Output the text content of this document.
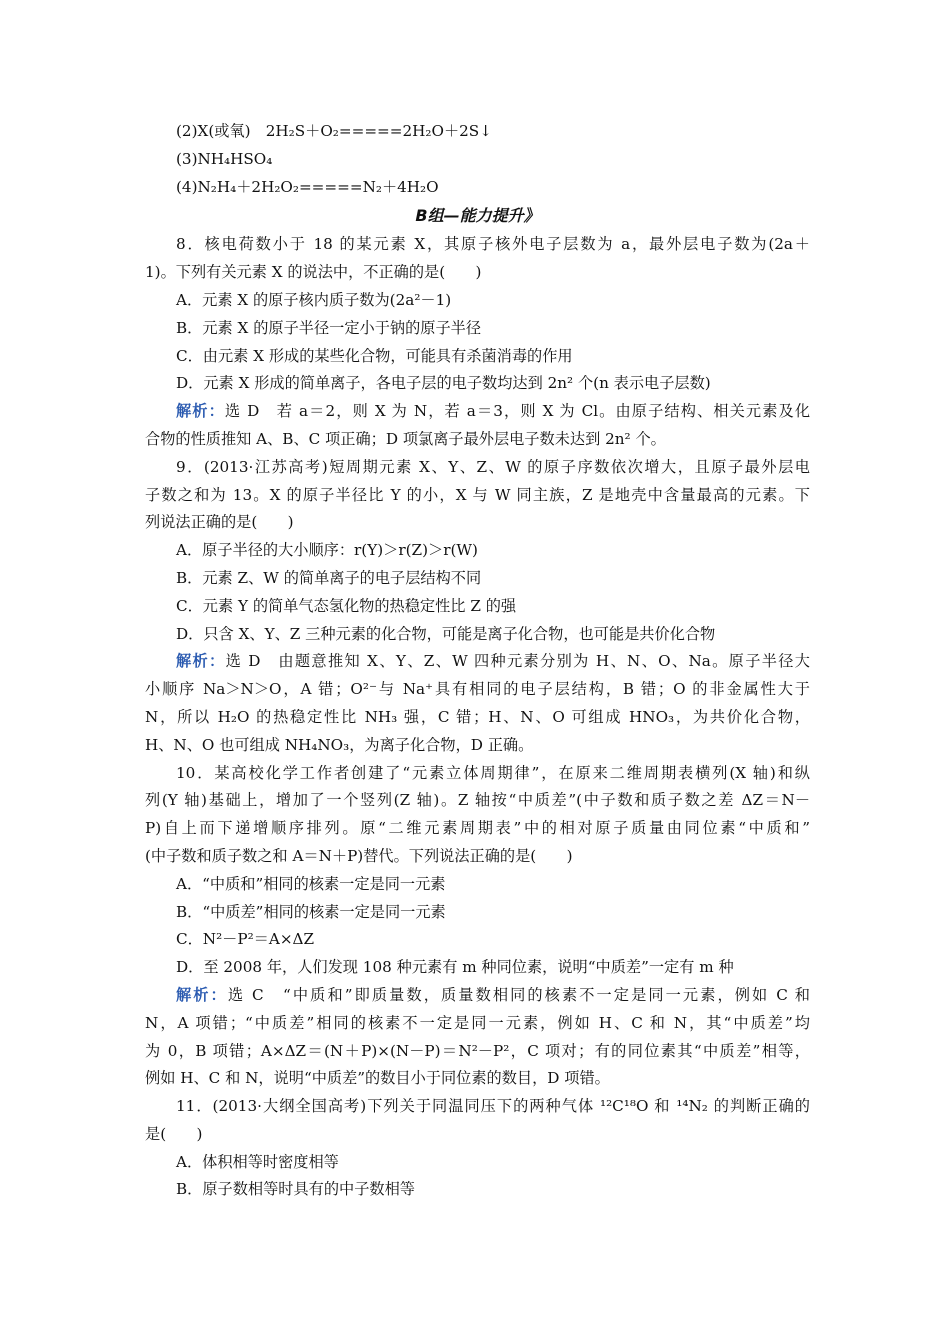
(2)X(或氧)　2H₂S＋O₂=====2H₂O＋2S↓
(3)NH₄HSO₄
(4)N₂H₄＋2H₂O₂=====N₂＋4H₂O
B组—能力提升》
8．核电荷数小于 18 的某元素 X，其原子核外电子层数为 a，最外层电子数为(2a＋
1)。下列有关元素 X 的说法中，不正确的是(　　)
A．元素 X 的原子核内质子数为(2a²－1)
B．元素 X 的原子半径一定小于钠的原子半径
C．由元素 X 形成的某些化合物，可能具有杀菌消毒的作用
D．元素 X 形成的简单离子，各电子层的电子数均达到 2n² 个(n 表示电子层数)
解析：选 D　若 a＝2，则 X 为 N，若 a＝3，则 X 为 Cl。由原子结构、相关元素及化
合物的性质推知 A、B、C 项正确；D 项氯离子最外层电子数未达到 2n² 个。
9．(2013·江苏高考)短周期元素 X、Y、Z、W 的原子序数依次增大，且原子最外层电
子数之和为 13。X 的原子半径比 Y 的小，X 与 W 同主族，Z 是地壳中含量最高的元素。下
列说法正确的是(　　)
A．原子半径的大小顺序：r(Y)＞r(Z)＞r(W)
B．元素 Z、W 的简单离子的电子层结构不同
C．元素 Y 的简单气态氢化物的热稳定性比 Z 的强
D．只含 X、Y、Z 三种元素的化合物，可能是离子化合物，也可能是共价化合物
解析：选 D　由题意推知 X、Y、Z、W 四种元素分别为 H、N、O、Na。原子半径大
小顺序 Na＞N＞O，A 错；O²⁻与 Na⁺具有相同的电子层结构，B 错；O 的非金属性大于
N，所以 H₂O 的热稳定性比 NH₃ 强，C 错；H、N、O 可组成 HNO₃，为共价化合物，
H、N、O 也可组成 NH₄NO₃，为离子化合物，D 正确。
10．某高校化学工作者创建了“元素立体周期律”，在原来二维周期表横列(X 轴)和纵
列(Y 轴)基础上，增加了一个竖列(Z 轴)。Z 轴按“中质差”(中子数和质子数之差 ΔZ＝N－
P)自上而下递增顺序排列。原“二维元素周期表”中的相对原子质量由同位素“中质和”
(中子数和质子数之和 A＝N＋P)替代。下列说法正确的是(　　)
A．“中质和”相同的核素一定是同一元素
B．“中质差”相同的核素一定是同一元素
C．N²－P²＝A×ΔZ
D．至 2008 年，人们发现 108 种元素有 m 种同位素，说明“中质差”一定有 m 种
解析：选 C　“中质和”即质量数，质量数相同的核素不一定是同一元素，例如 C 和
N，A 项错；“中质差”相同的核素不一定是同一元素，例如 H、C 和 N，其“中质差”均
为 0，B 项错；A×ΔZ＝(N＋P)×(N－P)＝N²－P²，C 项对；有的同位素其“中质差”相等，
例如 H、C 和 N，说明“中质差”的数目小于同位素的数目，D 项错。
11．(2013·大纲全国高考)下列关于同温同压下的两种气体 ¹²C¹⁸O 和 ¹⁴N₂ 的判断正确的
是(　　)
A．体积相等时密度相等
B．原子数相等时具有的中子数相等
